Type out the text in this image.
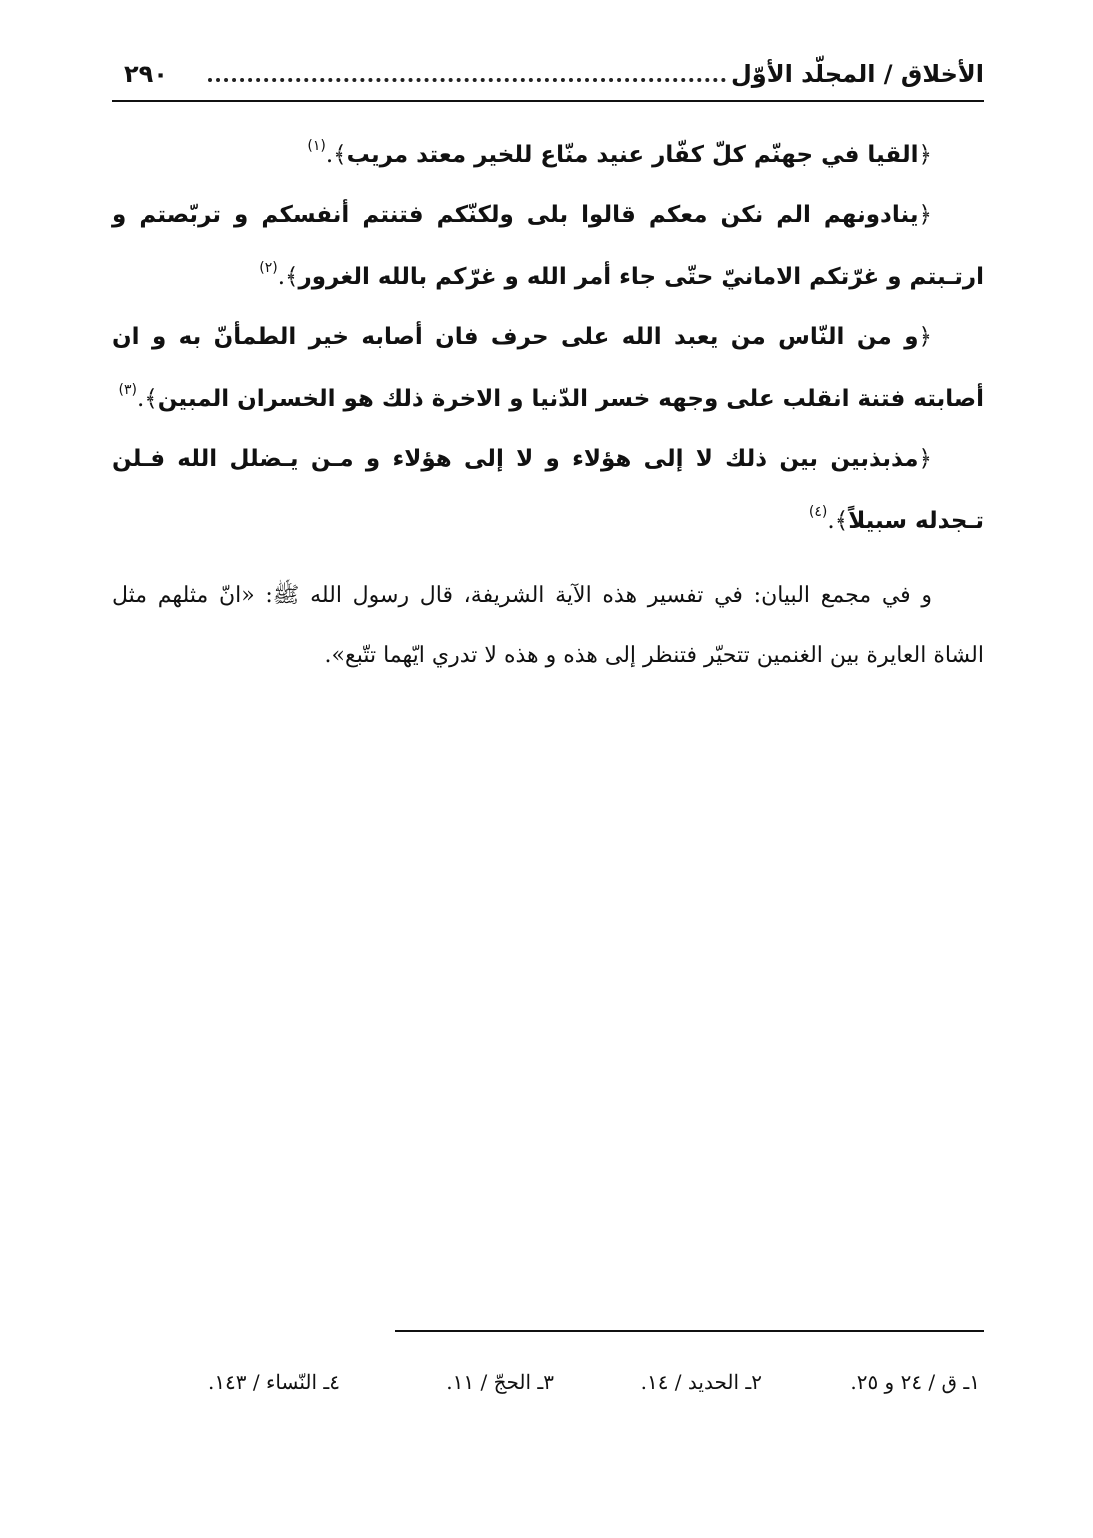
الأخلاق / المجلّد الأوّل
٢٩٠

﴿القيا في جهنّم كلّ كفّار عنيد منّاع للخير معتد مريب﴾.$^{(١)}$

﴿ينادونهم الم نكن معكم قالوا بلى ولكنّكم فتنتم أنفسكم و تربّصتم و ارتـبتم و غرّتكم الامانيّ حتّى جاء أمر الله و غرّكم بالله الغرور﴾.$^{(٢)}$

﴿و من النّاس من يعبد الله على حرف فان أصابه خير الطمأنّ به و ان أصابته فتنة انقلب على وجهه خسر الدّنيا و الاخرة ذلك هو الخسران المبين﴾.$^{(٣)}$

﴿مذبذبين بين ذلك لا إلى هؤلاء و لا إلى هؤلاء و مـن يـضلل الله فـلن تـجدله سبيلاً﴾.$^{(٤)}$

و في مجمع البيان: في تفسير هذه الآية الشريفة، قال رسول الله ﷺ: «انّ مثلهم مثل الشاة العايرة بين الغنمين تتحيّر فتنظر إلى هذه و هذه لا تدري ايّهما تتّبع».

١ـ ق / ٢٤ و ٢٥.
٢ـ الحديد / ١٤.
٣ـ الحجّ / ١١.
٤ـ النّساء / ١٤٣.
